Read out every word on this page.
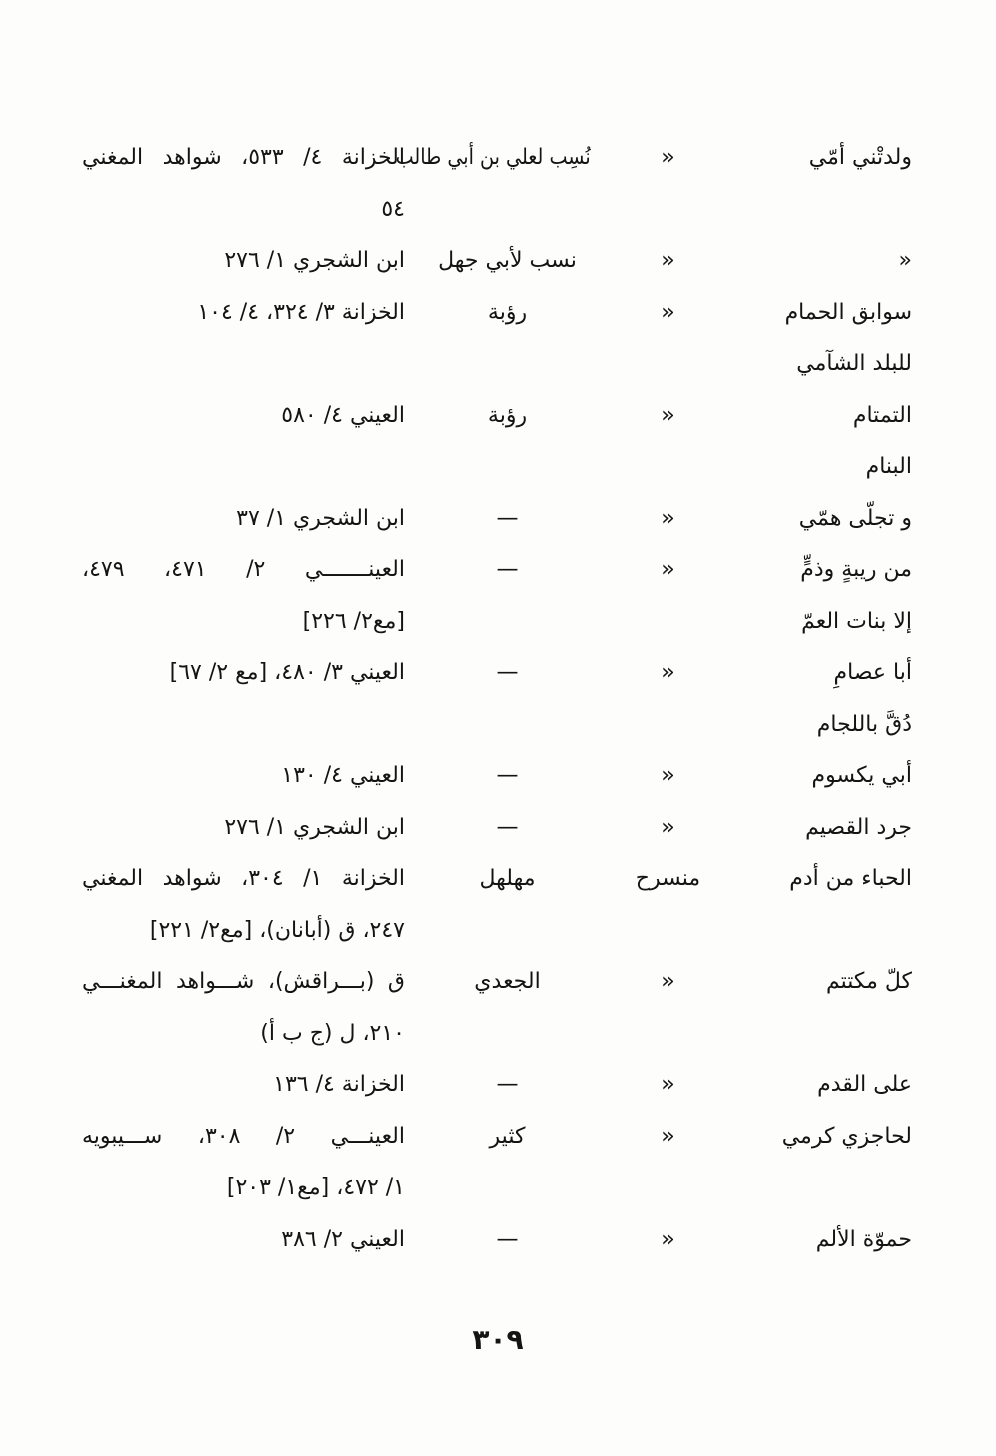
ولدتْني أمّي
«
نُسِب لعلي بن أبي طالب
الخزانة ٤/ ٥٣٣، شواهد المغني
٥٤
«
«
نسب لأبي جهل
ابن الشجري ١/ ٢٧٦
سوابق الحمام
للبلد الشآمي
«
رؤبة
الخزانة ٣/ ٣٢٤، ٤/ ١٠٤
التمتام
البنام
«
رؤبة
العيني ٤/ ٥٨٠
و تجلّى همّي
«
—
ابن الشجري ١/ ٣٧
من ريبةٍ وذمٍّ
إلا بنات العمّ
«
—
العينـــــــي ٢/ ٤٧١، ٤٧٩،
[مع٢/ ٢٢٦]
أبا عصامِ
دُقَّ باللجام
«
—
العيني ٣/ ٤٨٠، [مع ٢/ ٦٧]
أبي يكسوم
«
—
العيني ٤/ ١٣٠
جرد القصيم
«
—
ابن الشجري ١/ ٢٧٦
الحباء من أدم
منسرح
مهلهل
الخزانة ١/ ٣٠٤، شواهد المغني
٢٤٧، ق (أبانان)، [مع٢/ ٢٢١]
كلّ مكتتم
«
الجعدي
ق (بـــراقش)، شـــواهد المغنـــي
٢١٠، ل (ج ب أ)
على القدم
«
—
الخزانة ٤/ ١٣٦
لحاجزي كرمي
«
كثير
العينـــي ٢/ ٣٠٨، ســـيبويه
١/ ٤٧٢، [مع١/ ٢٠٣]
حموّة الألم
«
—
العيني ٢/ ٣٨٦
٣٠٩
